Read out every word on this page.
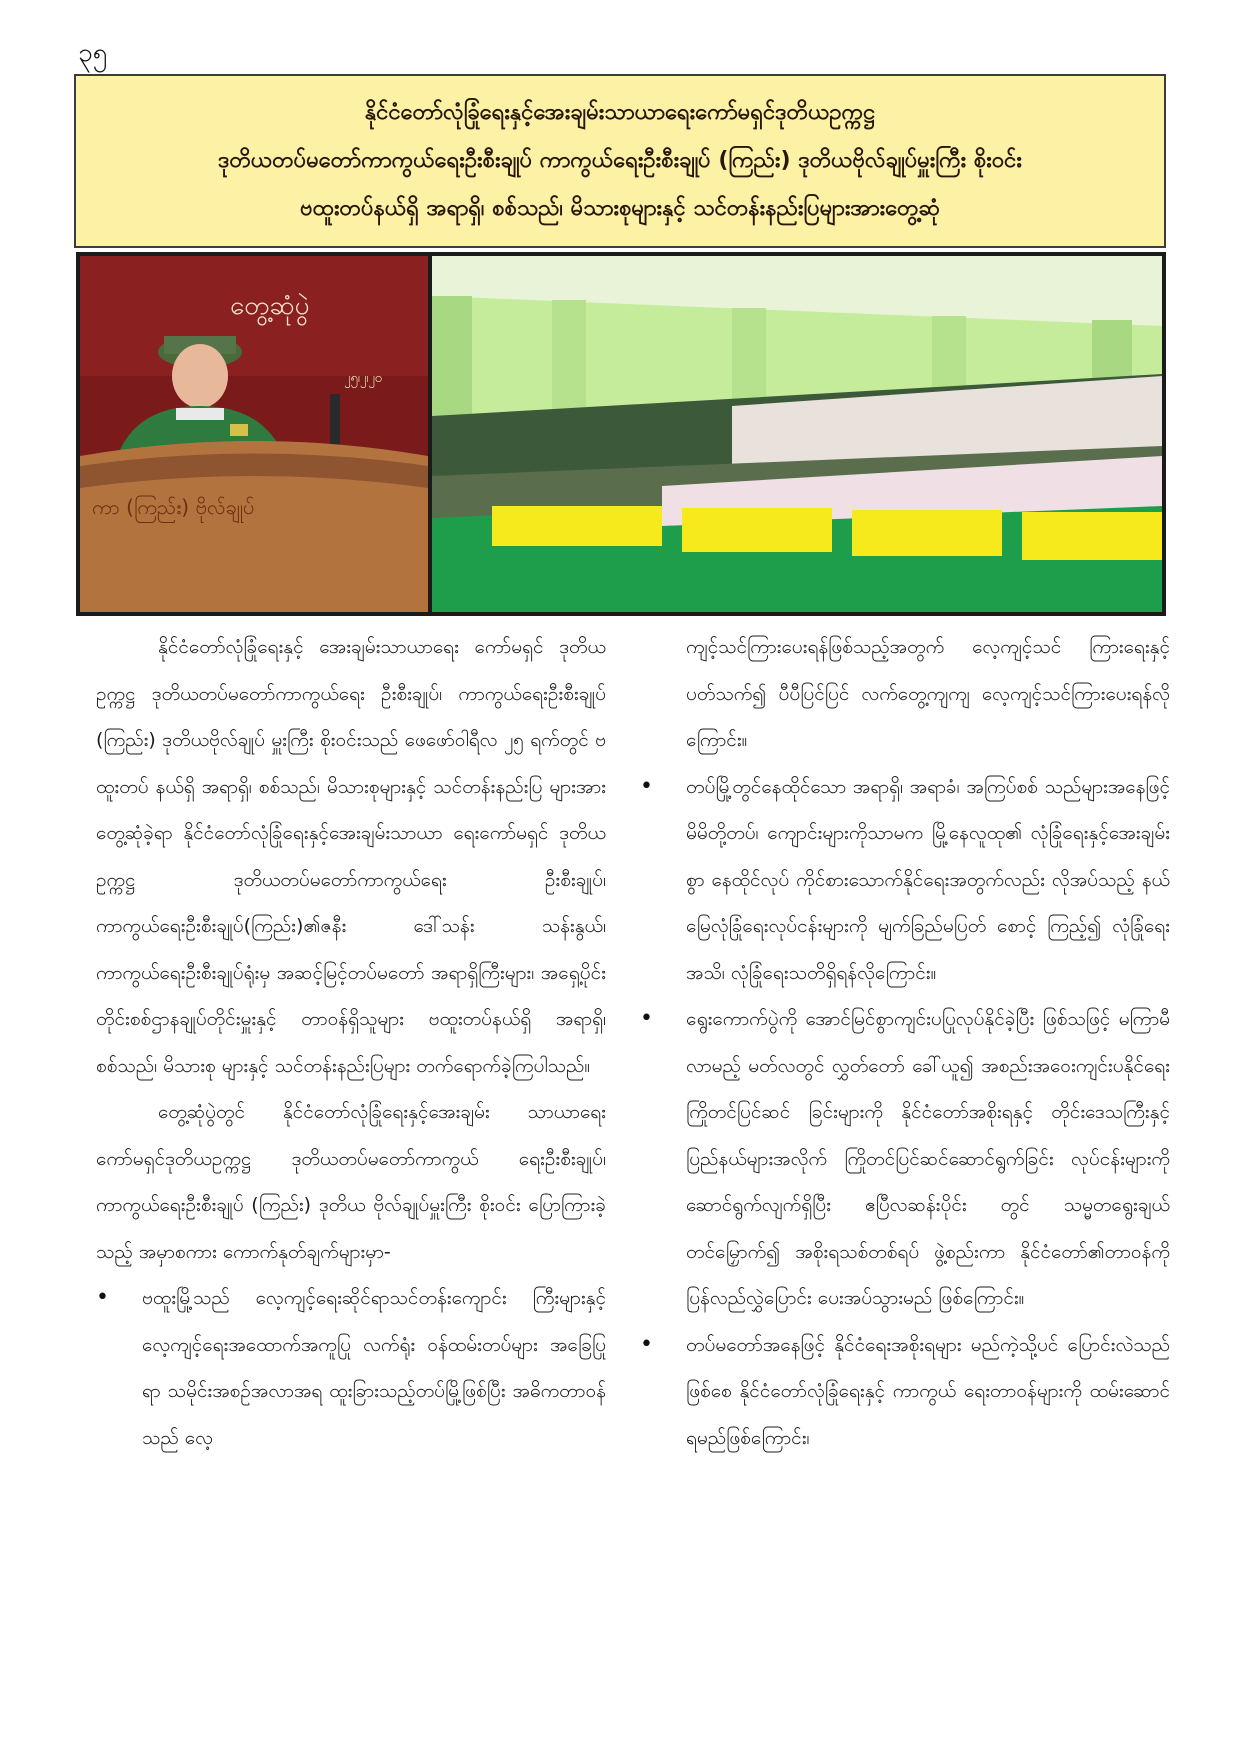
၃၅
နိုင်ငံတော်လုံခြုံရေးနှင့်အေးချမ်းသာယာရေးကော်မရှင်ဒုတိယဥက္ကဋ္ဌ
ဒုတိယတပ်မတော်ကာကွယ်ရေးဦးစီးချုပ် ကာကွယ်ရေးဦးစီးချုပ် (ကြည်း) ဒုတိယဗိုလ်ချုပ်မှူးကြီး စိုးဝင်း
ဗထူးတပ်နယ်ရှိ အရာရှိ၊ စစ်သည်၊ မိသားစုများနှင့် သင်တန်းနည်းပြများအားတွေ့ဆုံ
တွေ့ဆုံပွဲ
၂၅၊၂၊၂၀
ကာ (ကြည်း) ဗိုလ်ချုပ်

နိုင်ငံတော်လုံခြုံရေးနှင့် အေးချမ်းသာယာရေး ကော်မရှင် ဒုတိယဥက္ကဋ္ဌ ဒုတိယတပ်မတော်ကာကွယ်ရေး ဦးစီးချုပ်၊ ကာကွယ်ရေးဦးစီးချုပ် (ကြည်း) ဒုတိယဗိုလ်ချုပ် မှူးကြီး စိုးဝင်းသည် ဖေဖော်ဝါရီလ ၂၅ ရက်တွင် ဗထူးတပ် နယ်ရှိ အရာရှိ၊ စစ်သည်၊ မိသားစုများနှင့် သင်တန်းနည်းပြ များအားတွေ့ဆုံခဲ့ရာ နိုင်ငံတော်လုံခြုံရေးနှင့်အေးချမ်းသာယာ ရေးကော်မရှင် ဒုတိယဥက္ကဋ္ဌ ဒုတိယတပ်မတော်ကာကွယ်ရေး ဦးစီးချုပ်၊ ကာကွယ်ရေးဦးစီးချုပ်(ကြည်း)၏ဇနီး ဒေါ်သန်း သန်းနွယ်၊ ကာကွယ်ရေးဦးစီးချုပ်ရုံးမှ အဆင့်မြင့်တပ်မတော် အရာရှိကြီးများ၊ အရှေ့ပိုင်းတိုင်းစစ်ဌာနချုပ်တိုင်းမှူးနှင့် တာဝန်ရှိသူများ ဗထူးတပ်နယ်ရှိ အရာရှိ၊ စစ်သည်၊ မိသားစု များနှင့် သင်တန်းနည်းပြများ တက်ရောက်ခဲ့ကြပါသည်။

တွေ့ဆုံပွဲတွင် နိုင်ငံတော်လုံခြုံရေးနှင့်အေးချမ်း သာယာရေးကော်မရှင်ဒုတိယဥက္ကဋ္ဌ ဒုတိယတပ်မတော်ကာကွယ် ရေးဦးစီးချုပ်၊ ကာကွယ်ရေးဦးစီးချုပ် (ကြည်း) ဒုတိယ ဗိုလ်ချုပ်မှူးကြီး စိုးဝင်း ပြောကြားခဲ့သည့် အမှာစကား ကောက်နုတ်ချက်များမှာ-

•	ဗထူးမြို့သည် လေ့ကျင့်ရေးဆိုင်ရာသင်တန်းကျောင်း ကြီးများနှင့် လေ့ကျင့်ရေးအထောက်အကူပြု လက်ရုံး ဝန်ထမ်းတပ်များ အခြေပြုရာ သမိုင်းအစဉ်အလာအရ ထူးခြားသည့်တပ်မြို့ဖြစ်ပြီး အဓိကတာဝန်သည် လေ့

ကျင့်သင်ကြားပေးရန်ဖြစ်သည့်အတွက် လေ့ကျင့်သင် ကြားရေးနှင့်ပတ်သက်၍ ပီပီပြင်ပြင် လက်တွေ့ကျကျ လေ့ကျင့်သင်ကြားပေးရန်လိုကြောင်း။

•	တပ်မြို့တွင်နေထိုင်သော အရာရှိ၊ အရာခံ၊ အကြပ်စစ် သည်များအနေဖြင့် မိမိတို့တပ်၊ ကျောင်းများကိုသာမက မြို့နေလူထု၏ လုံခြုံရေးနှင့်အေးချမ်းစွာ နေထိုင်လုပ် ကိုင်စားသောက်နိုင်ရေးအတွက်လည်း လိုအပ်သည့် နယ် မြေလုံခြုံရေးလုပ်ငန်းများကို မျက်ခြည်မပြတ် စောင့် ကြည့်၍ လုံခြုံရေးအသိ၊ လုံခြုံရေးသတိရှိရန်လိုကြောင်း။
•	ရွေးကောက်ပွဲကို အောင်မြင်စွာကျင်းပပြုလုပ်နိုင်ခဲ့ပြီး ဖြစ်သဖြင့် မကြာမီလာမည့် မတ်လတွင် လွှတ်တော် ခေါ်ယူ၍ အစည်းအဝေးကျင်းပနိုင်ရေး ကြိုတင်ပြင်ဆင် ခြင်းများကို နိုင်ငံတော်အစိုးရနှင့် တိုင်းဒေသကြီးနှင့် ပြည်နယ်များအလိုက် ကြိုတင်ပြင်ဆင်ဆောင်ရွက်ခြင်း လုပ်ငန်းများကို ဆောင်ရွက်လျက်ရှိပြီး ဧပြီလဆန်းပိုင်း တွင် သမ္မတရွေးချယ်တင်မြှောက်၍ အစိုးရသစ်တစ်ရပ် ဖွဲ့စည်းကာ နိုင်ငံတော်၏တာဝန်ကို ပြန်လည်လွှဲပြောင်း ပေးအပ်သွားမည် ဖြစ်ကြောင်း။
•	တပ်မတော်အနေဖြင့် နိုင်ငံရေးအစိုးရများ မည်ကဲ့သို့ပင် ပြောင်းလဲသည်ဖြစ်စေ နိုင်ငံတော်လုံခြုံရေးနှင့် ကာကွယ် ရေးတာဝန်များကို ထမ်းဆောင်ရမည်ဖြစ်ကြောင်း၊
